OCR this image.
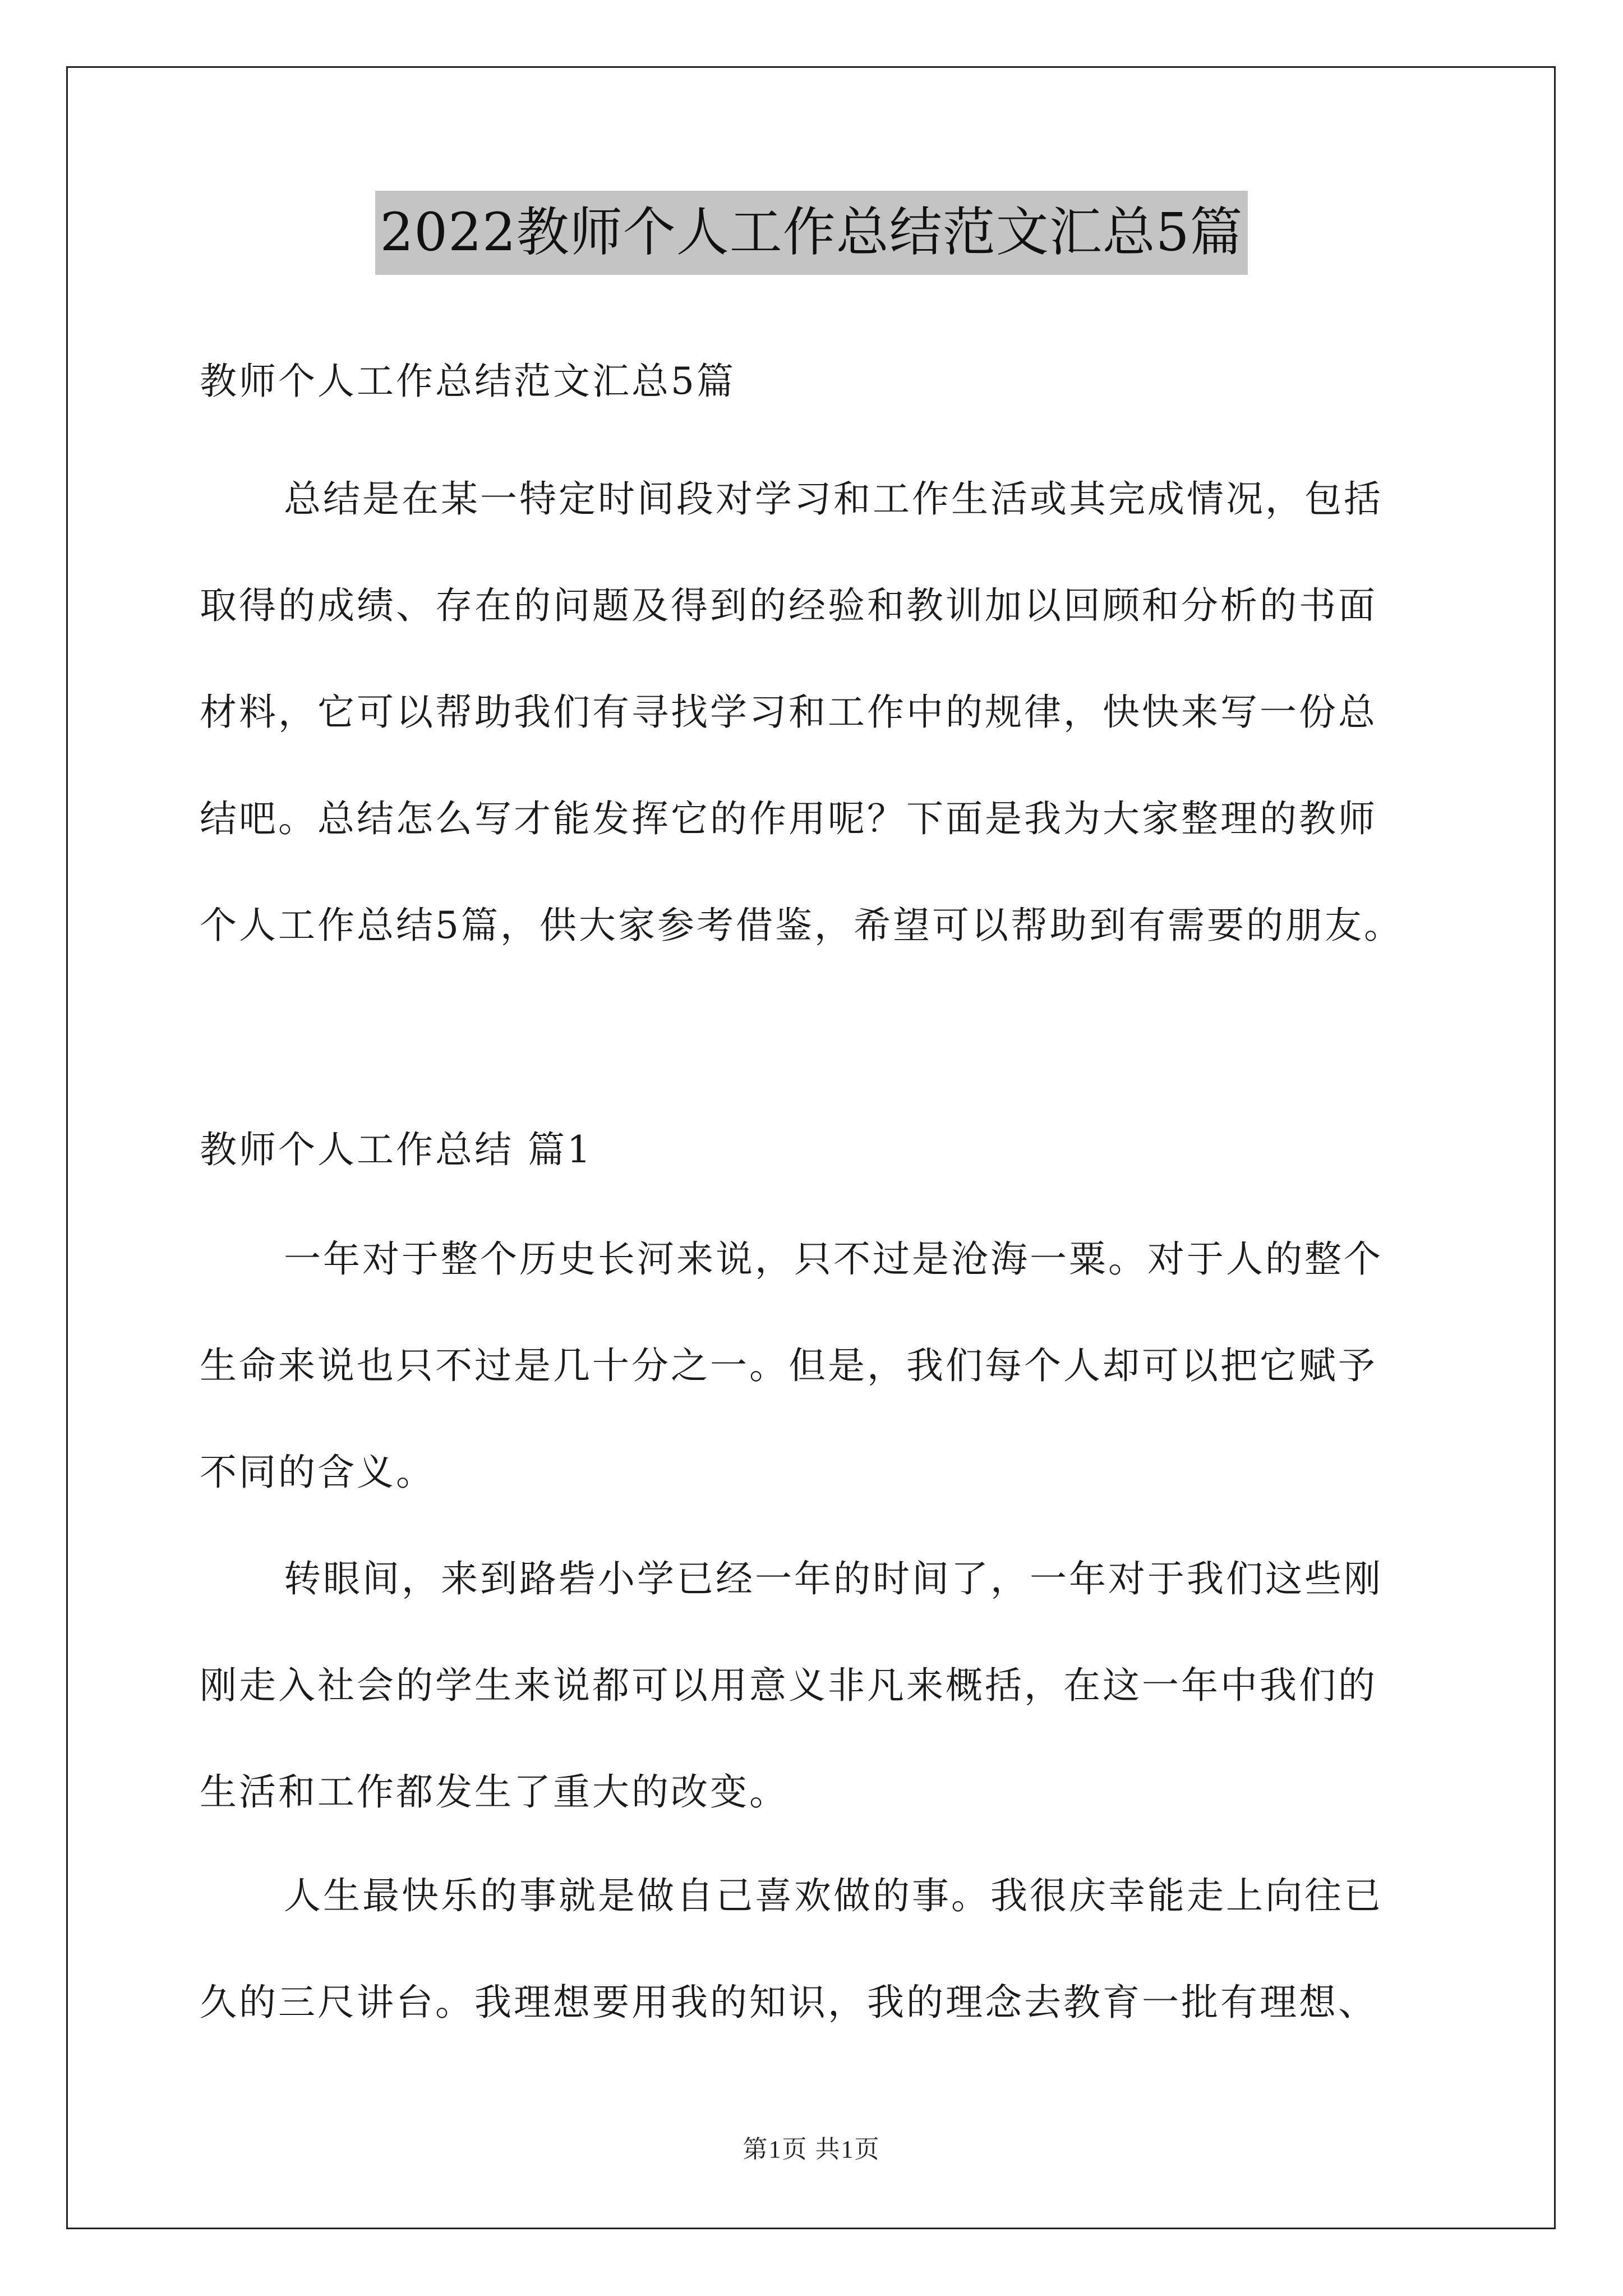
2022教师个人工作总结范文汇总5篇
教师个人工作总结范文汇总5篇
总结是在某一特定时间段对学习和工作生活或其完成情况，包括
取得的成绩、存在的问题及得到的经验和教训加以回顾和分析的书面
材料，它可以帮助我们有寻找学习和工作中的规律，快快来写一份总
结吧。总结怎么写才能发挥它的作用呢？下面是我为大家整理的教师
个人工作总结5篇，供大家参考借鉴，希望可以帮助到有需要的朋友。
教师个人工作总结 篇1
一年对于整个历史长河来说，只不过是沧海一粟。对于人的整个
生命来说也只不过是几十分之一。但是，我们每个人却可以把它赋予
不同的含义。
转眼间，来到路砦小学已经一年的时间了，一年对于我们这些刚
刚走入社会的学生来说都可以用意义非凡来概括，在这一年中我们的
生活和工作都发生了重大的改变。
人生最快乐的事就是做自己喜欢做的事。我很庆幸能走上向往已
久的三尺讲台。我理想要用我的知识，我的理念去教育一批有理想、
第1页 共1页
